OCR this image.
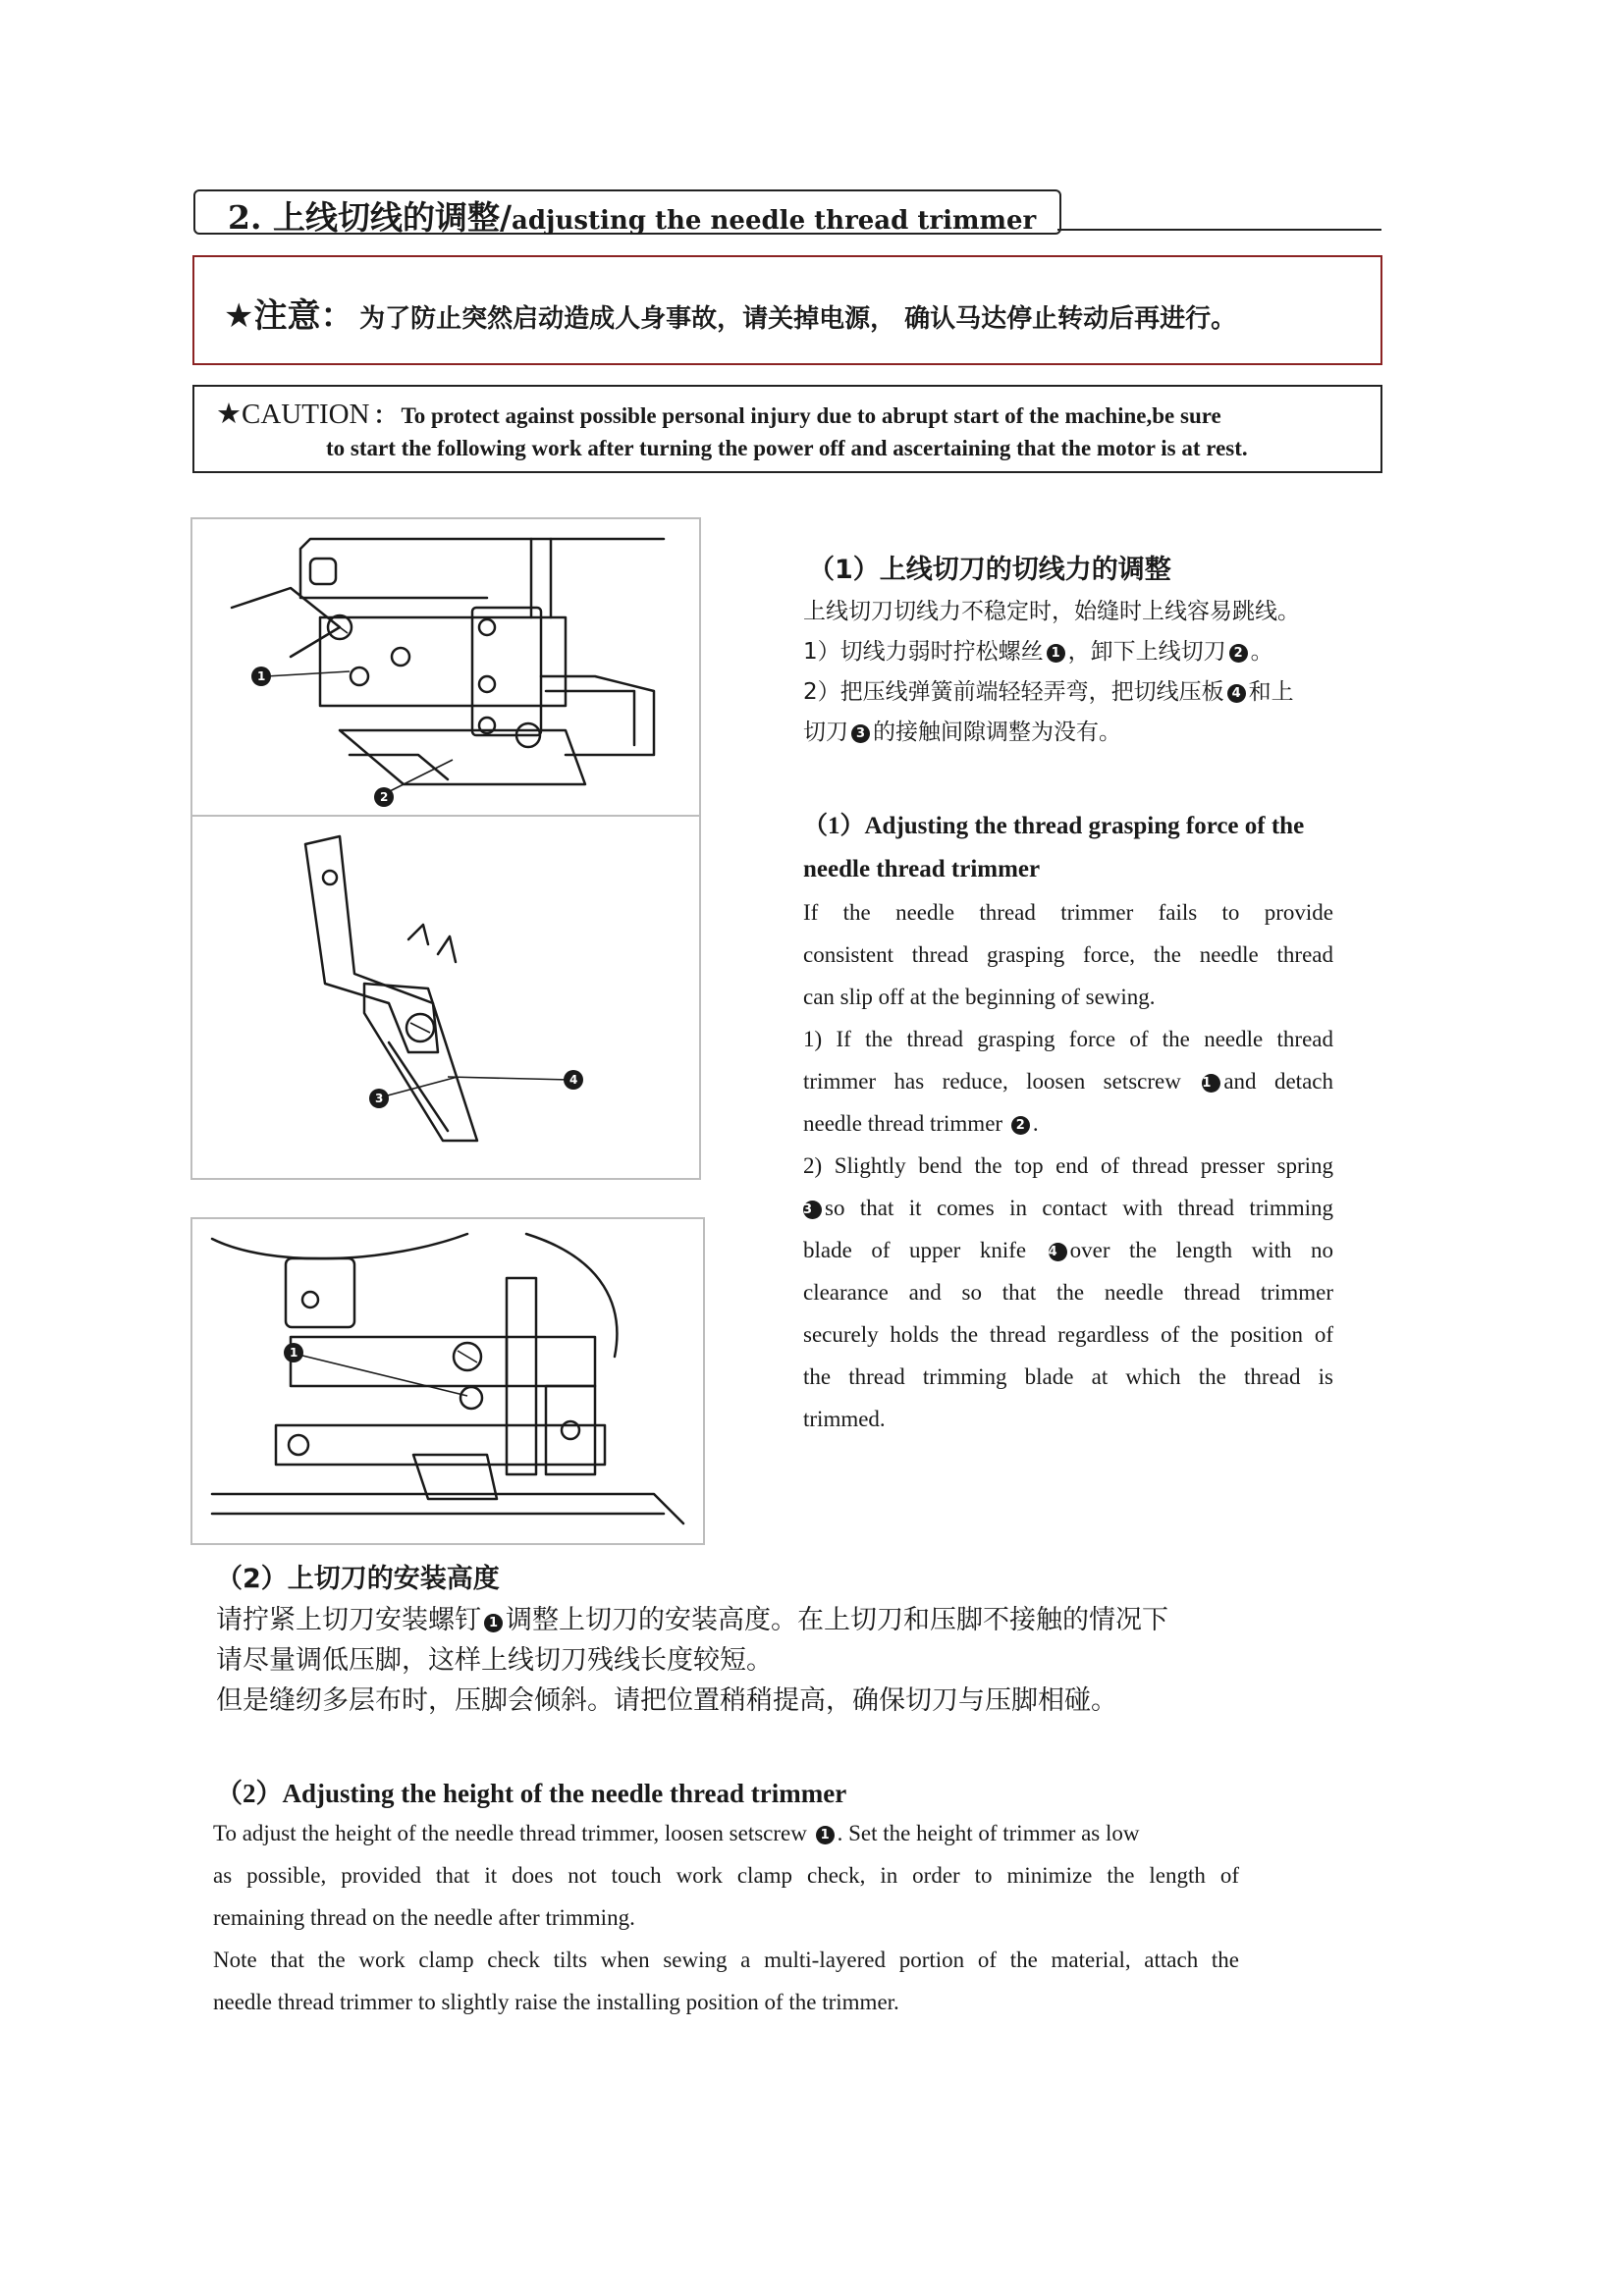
2. 上线切线的调整/adjusting the needle thread trimmer
★注意： 为了防止突然启动造成人身事故，请关掉电源， 确认马达停止转动后再进行。
★CAUTION ： To protect against possible personal injury due to abrupt start of the machine,be sure
to start the following work after turning the power off and ascertaining that the motor is at rest.
1
2
3
4
1
（1）上线切刀的切线力的调整
上线切刀切线力不稳定时，始缝时上线容易跳线。
1）切线力弱时拧松螺丝 1 ，卸下上线切刀 2 。
2）把压线弹簧前端轻轻弄弯，把切线压板 4 和上
切刀 3 的接触间隙调整为没有。
（1）Adjusting the thread grasping force of the
needle thread trimmer
If the needle thread trimmer fails to provide
consistent thread grasping force, the needle thread
can slip off at the beginning of sewing.
1) If the thread grasping force of the needle thread
trimmer has reduce, loosen setscrew 1 and detach
needle thread trimmer 2 .
2) Slightly bend the top end of thread presser spring
3 so that it comes in contact with thread trimming
blade of upper knife 4 over the length with no
clearance and so that the needle thread trimmer
securely holds the thread regardless of the position of
the thread trimming blade at which the thread is
trimmed.
（2）上切刀的安装高度
请拧紧上切刀安装螺钉 1 调整上切刀的安装高度。在上切刀和压脚不接触的情况下
请尽量调低压脚，这样上线切刀残线长度较短。
但是缝纫多层布时，压脚会倾斜。请把位置稍稍提高，确保切刀与压脚相碰。
（2）Adjusting the height of the needle thread trimmer
To adjust the height of the needle thread trimmer, loosen setscrew 1 . Set the height of trimmer as low
as possible, provided that it does not touch work clamp check, in order to minimize the length of
remaining thread on the needle after trimming.
Note that the work clamp check tilts when sewing a multi-layered portion of the material, attach the
needle thread trimmer to slightly raise the installing position of the trimmer.
